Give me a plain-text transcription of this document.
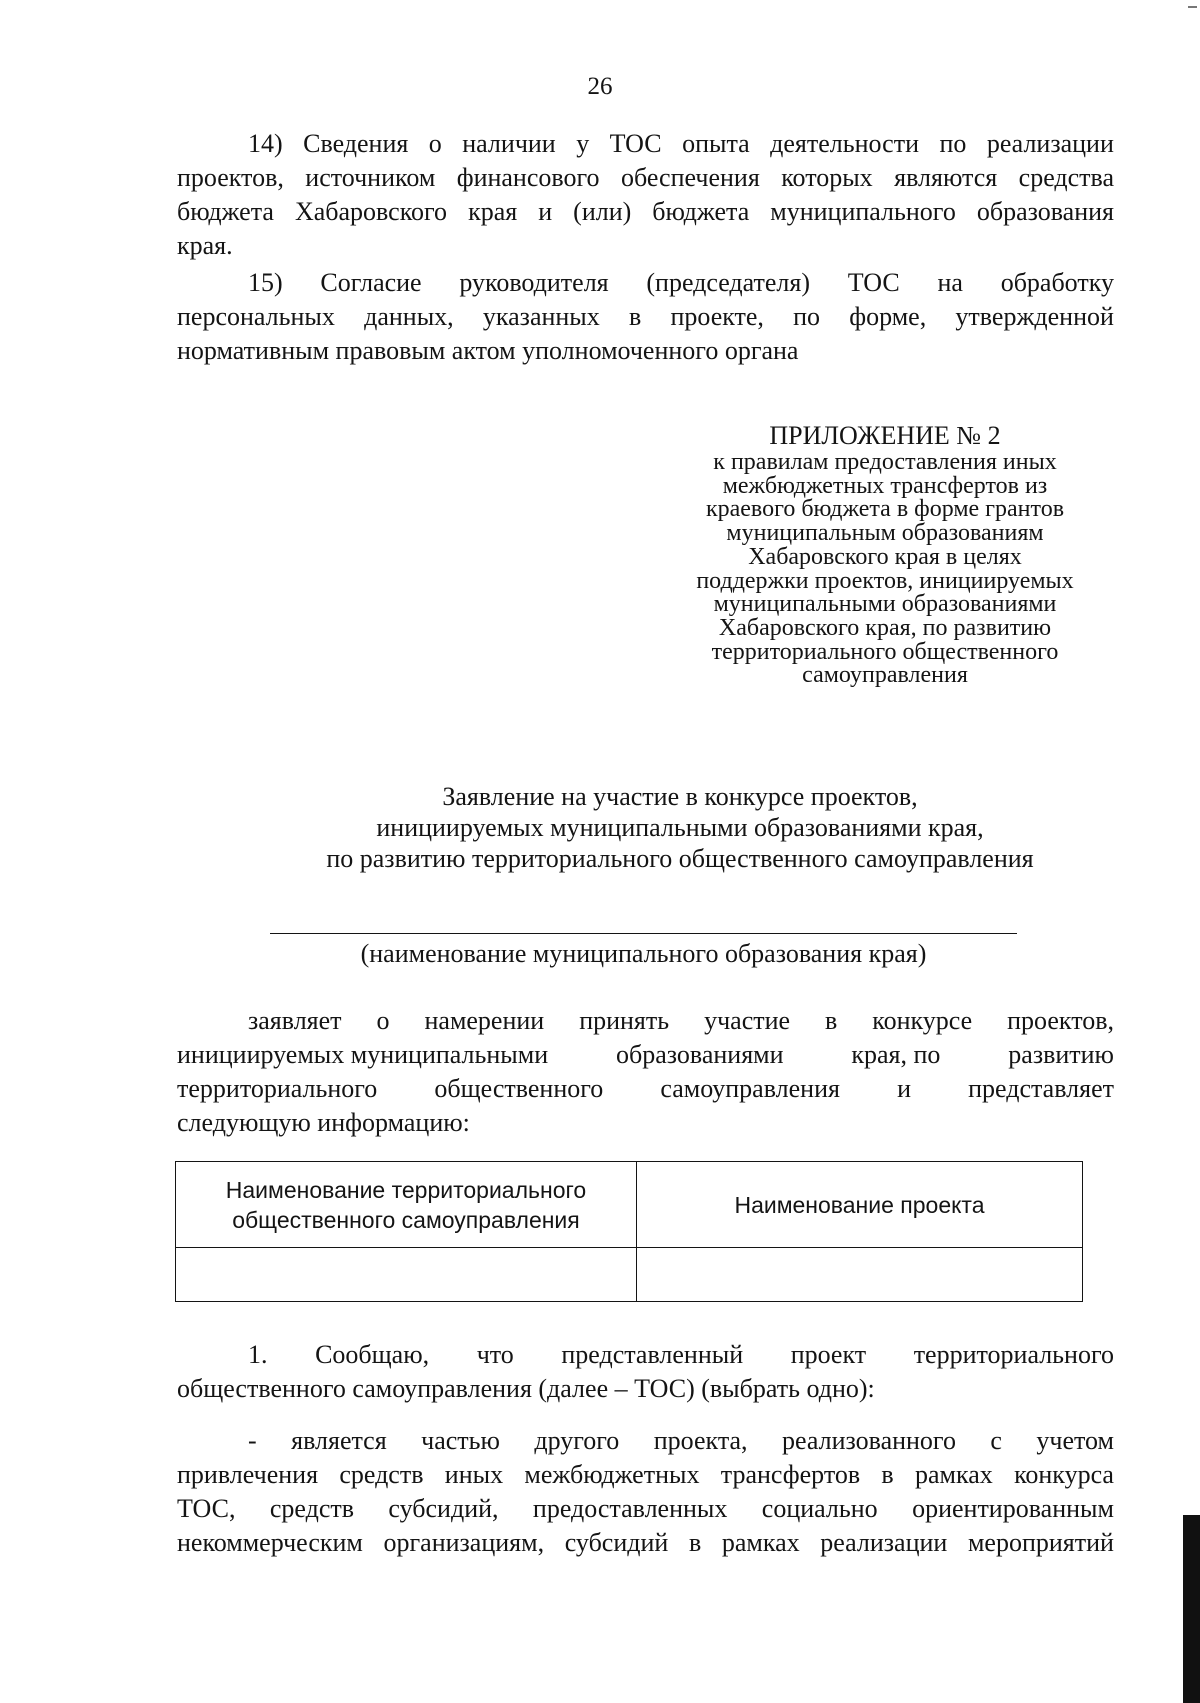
26
14) Сведения о наличии у ТОС опыта деятельности по реализации
проектов, источником финансового обеспечения которых являются средства
бюджета Хабаровского края и (или) бюджета муниципального образования
края.
15) Согласие руководителя (председателя) ТОС на обработку
персональных данных, указанных в проекте, по форме, утвержденной
нормативным правовым актом уполномоченного органа
ПРИЛОЖЕНИЕ № 2
к правилам предоставления иных
межбюджетных трансфертов из
краевого бюджета в форме грантов
муниципальным образованиям
Хабаровского края в целях
поддержки проектов, инициируемых
муниципальными образованиями
Хабаровского края, по развитию
территориального общественного
самоуправления
Заявление на участие в конкурсе проектов,
инициируемых муниципальными образованиями края,
по развитию территориального общественного самоуправления
(наименование муниципального образования края)
заявляет о намерении принять участие в конкурсе проектов,
инициируемых муниципальными	образованиями	края, по	развитию
территориального общественного самоуправления и представляет
следующую информацию:
Наименование территориального общественного самоуправления	Наименование проекта

1. Сообщаю, что представленный проект территориального
общественного самоуправления (далее – ТОС) (выбрать одно):
- является частью другого проекта, реализованного с учетом
привлечения средств иных межбюджетных трансфертов в рамках конкурса
ТОС, средств субсидий, предоставленных социально ориентированным
некоммерческим организациям, субсидий в рамках реализации мероприятий
